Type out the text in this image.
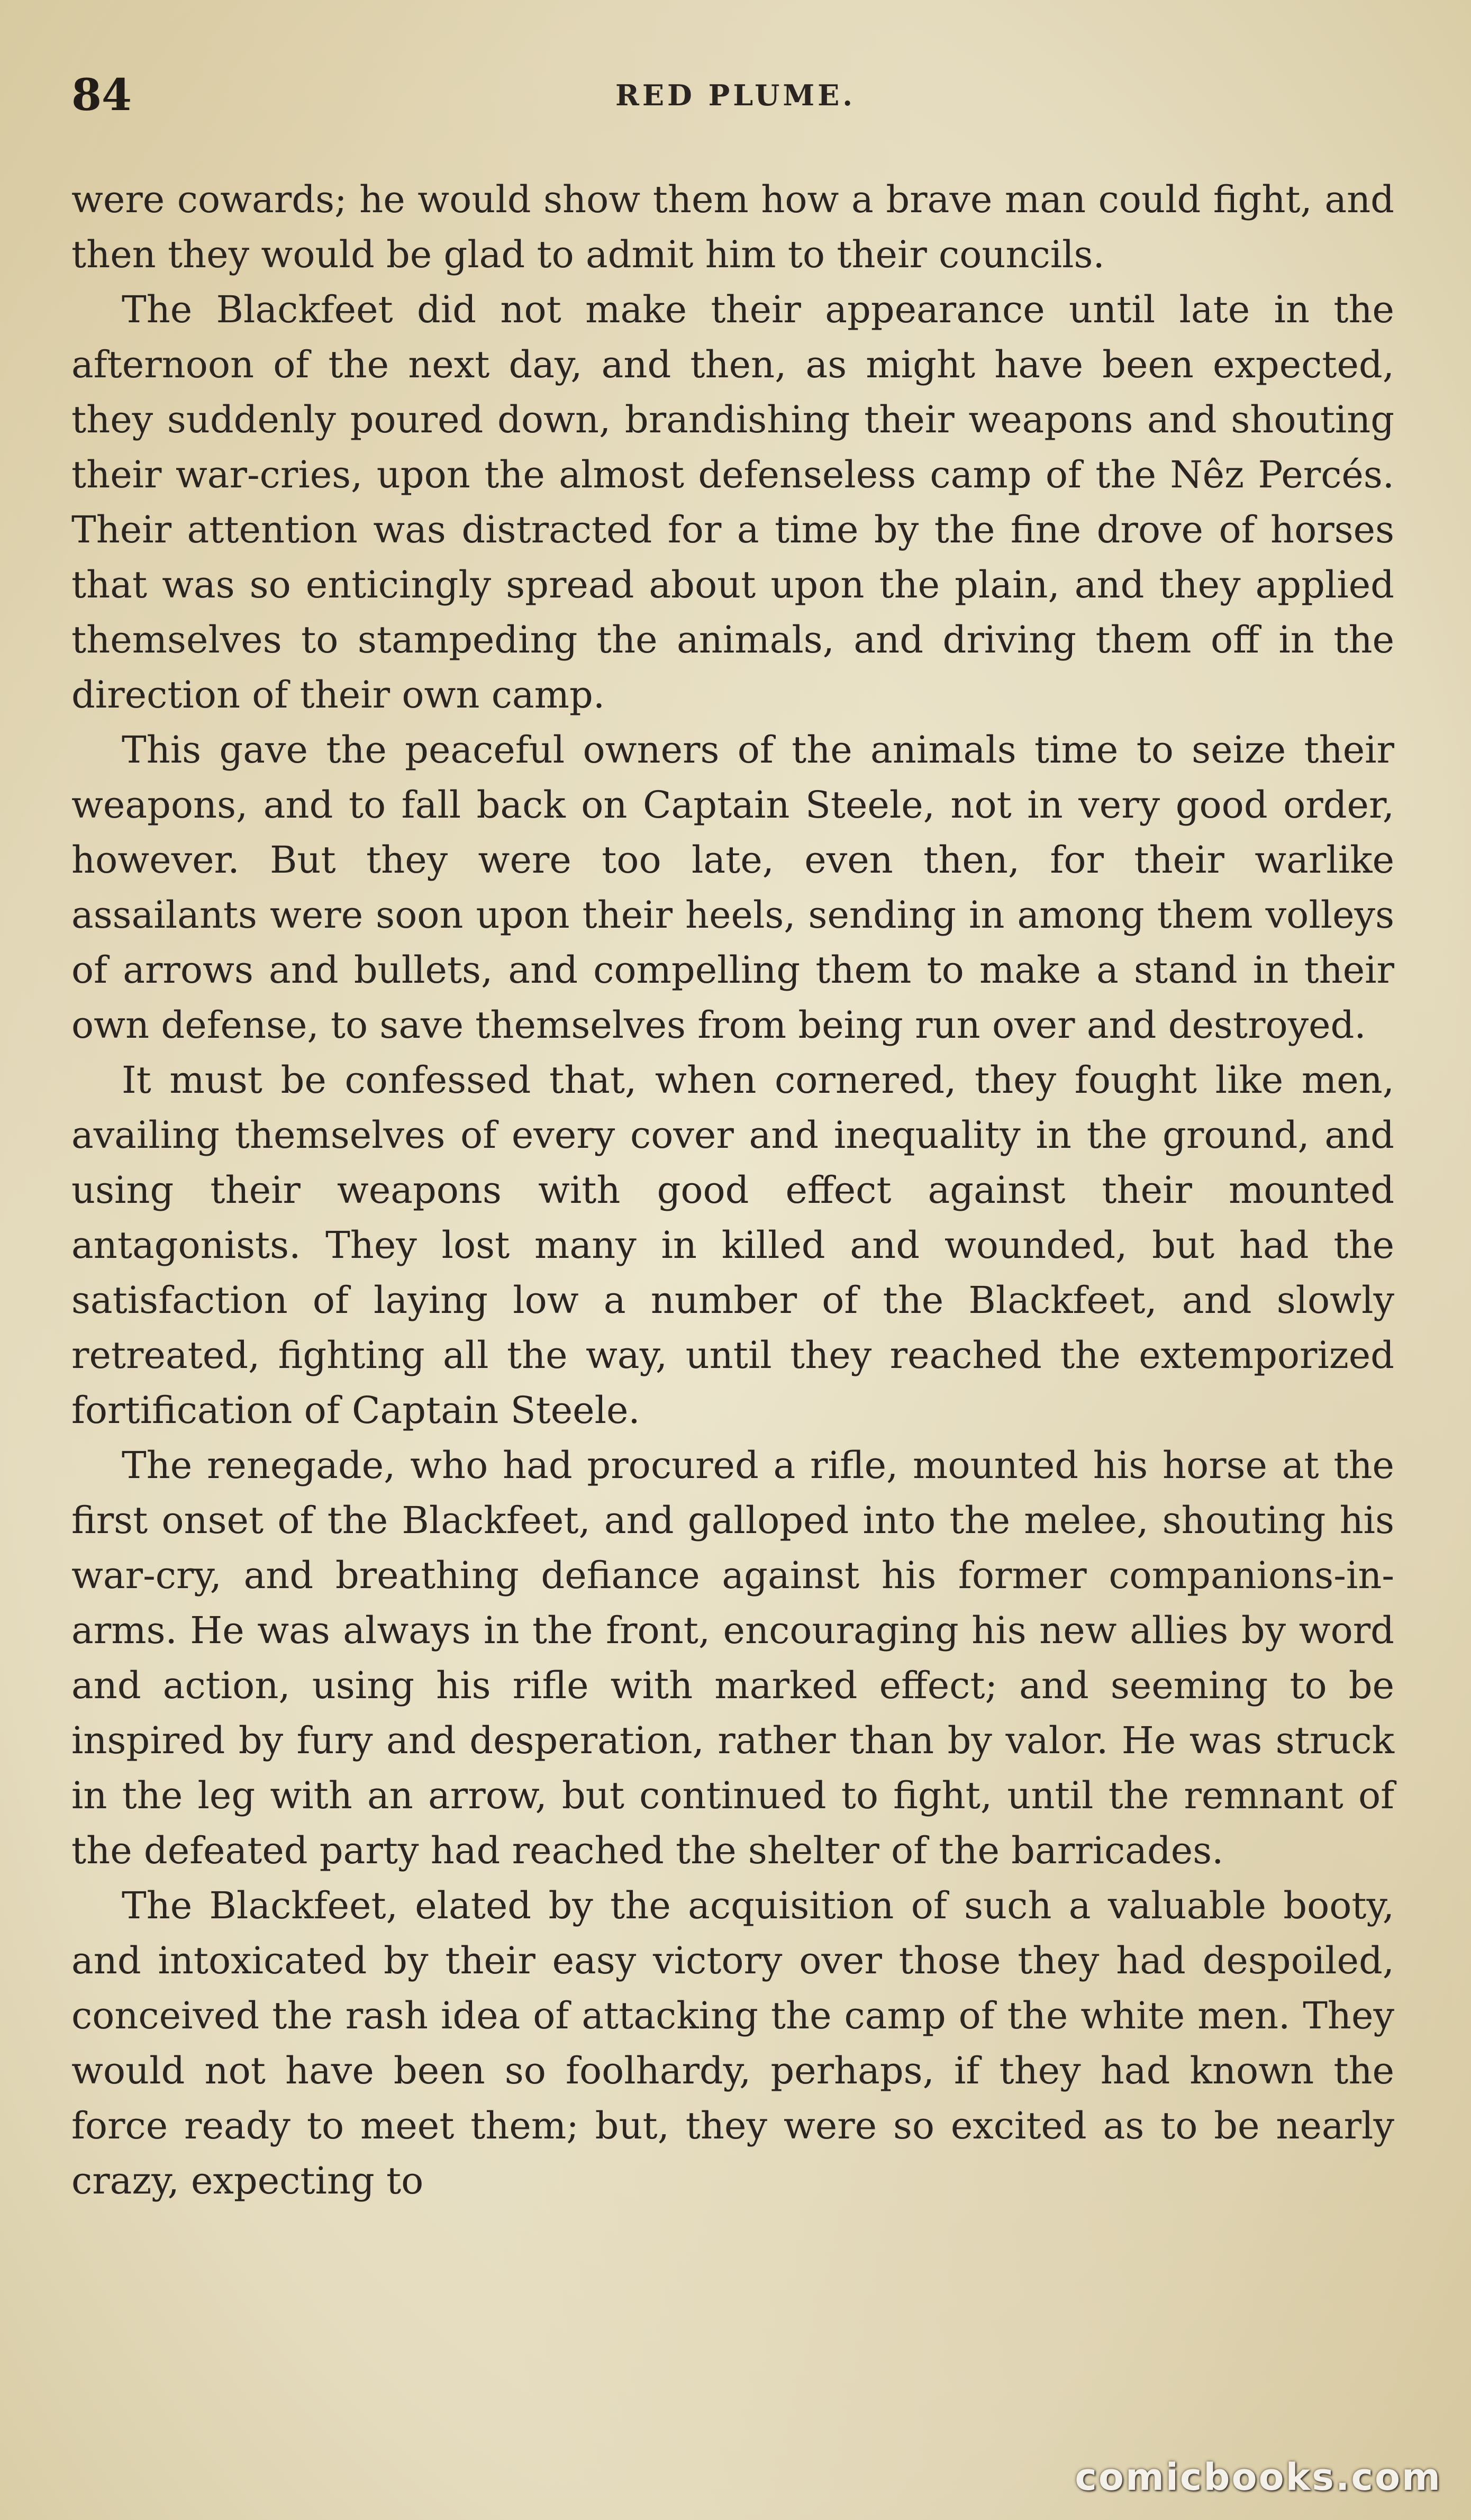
84	RED PLUME.

were cowards; he would show them how a brave man could fight, and then they would be glad to admit him to their councils.

The Blackfeet did not make their appearance until late in the afternoon of the next day, and then, as might have been expected, they suddenly poured down, brandishing their weapons and shouting their war-cries, upon the almost defenseless camp of the Nêz Percés. Their attention was distracted for a time by the fine drove of horses that was so enticingly spread about upon the plain, and they applied themselves to stampeding the animals, and driving them off in the direction of their own camp.

This gave the peaceful owners of the animals time to seize their weapons, and to fall back on Captain Steele, not in very good order, however. But they were too late, even then, for their warlike assailants were soon upon their heels, sending in among them volleys of arrows and bullets, and compelling them to make a stand in their own defense, to save themselves from being run over and destroyed.

It must be confessed that, when cornered, they fought like men, availing themselves of every cover and inequality in the ground, and using their weapons with good effect against their mounted antagonists. They lost many in killed and wounded, but had the satisfaction of laying low a number of the Blackfeet, and slowly retreated, fighting all the way, until they reached the extemporized fortification of Captain Steele.

The renegade, who had procured a rifle, mounted his horse at the first onset of the Blackfeet, and galloped into the melee, shouting his war-cry, and breathing defiance against his former companions-in-arms. He was always in the front, encouraging his new allies by word and action, using his rifle with marked effect; and seeming to be inspired by fury and desperation, rather than by valor. He was struck in the leg with an arrow, but continued to fight, until the remnant of the defeated party had reached the shelter of the barricades.

The Blackfeet, elated by the acquisition of such a valuable booty, and intoxicated by their easy victory over those they had despoiled, conceived the rash idea of attacking the camp of the white men. They would not have been so foolhardy, perhaps, if they had known the force ready to meet them; but, they were so excited as to be nearly crazy, expecting to

comicbooks.com
